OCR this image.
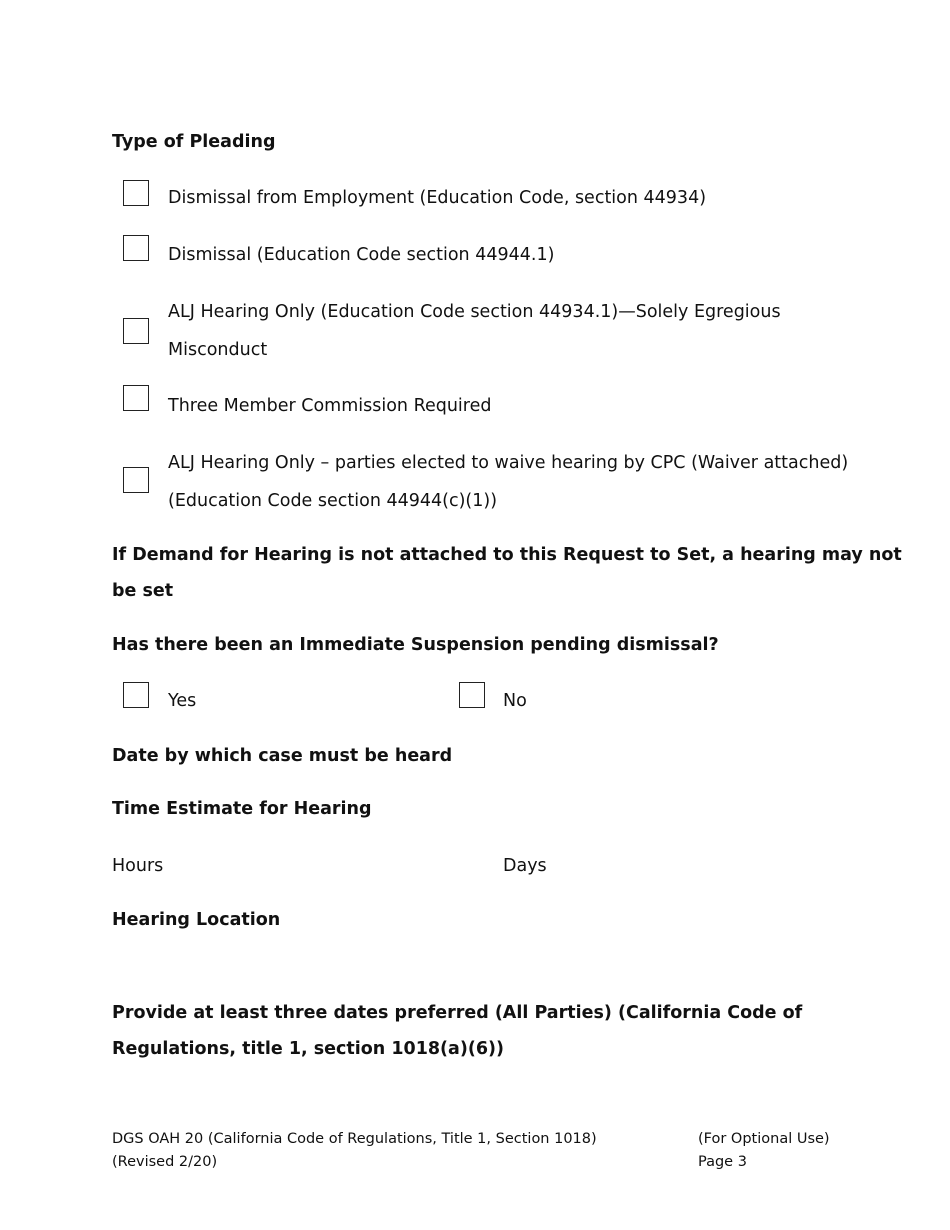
Type of Pleading
Dismissal from Employment (Education Code, section 44934)
Dismissal (Education Code section 44944.1)
ALJ Hearing Only (Education Code section 44934.1)—Solely Egregious
Misconduct
Three Member Commission Required
ALJ Hearing Only – parties elected to waive hearing by CPC (Waiver attached)
(Education Code section 44944(c)(1))
If Demand for Hearing is not attached to this Request to Set, a hearing may not
be set
Has there been an Immediate Suspension pending dismissal?
Yes	No
Date by which case must be heard
Time Estimate for Hearing
Hours	Days
Hearing Location
Provide at least three dates preferred (All Parties) (California Code of
Regulations, title 1, section 1018(a)(6))
DGS OAH 20 (California Code of Regulations, Title 1, Section 1018)
(Revised 2/20)
(For Optional Use)
Page 3
